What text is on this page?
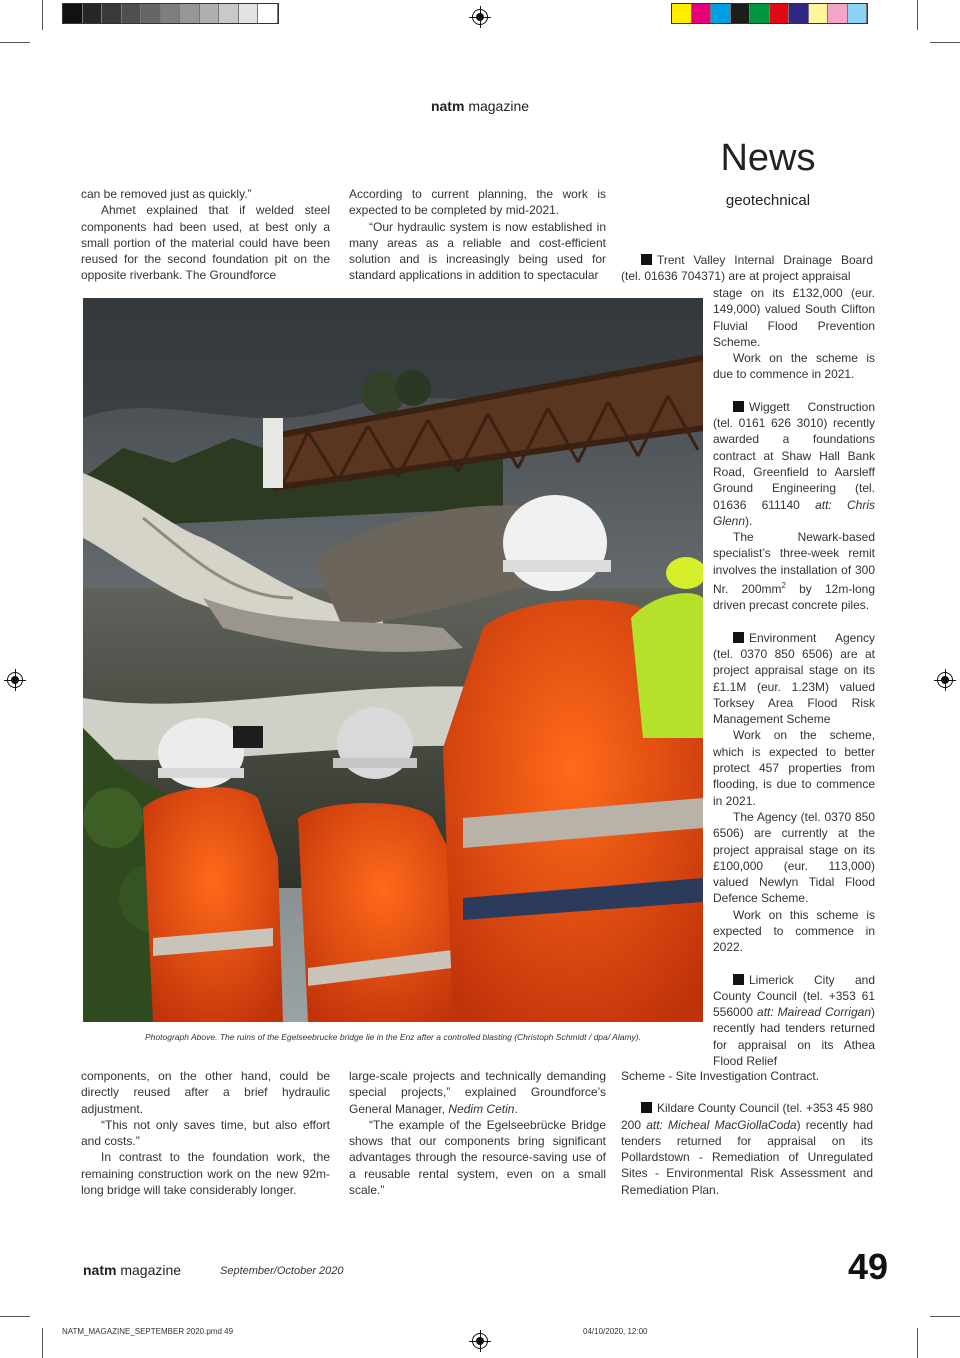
natm magazine
News
geotechnical

can be removed just as quickly.”

Ahmet explained that if welded steel components had been used, at best only a small portion of the material could have been reused for the second foundation pit on the opposite riverbank. The Groundforce

According to current planning, the work is expected to be completed by mid-2021.

“Our hydraulic system is now established in many areas as a reliable and cost-efficient solution and is increasingly being used for standard applications in addition to spectacular

Trent Valley Internal Drainage Board (tel. 01636 704371) are at project appraisal

stage on its £132,000 (eur. 149,000) valued South Clifton Fluvial Flood Prevention Scheme.

Work on the scheme is due to commence in 2021.

Wiggett Construction (tel. 0161 626 3010) recently awarded a foundations contract at Shaw Hall Bank Road, Greenfield to Aarsleff Ground Engineering (tel. 01636 611140 att: Chris Glenn).

The Newark-based specialist’s three-week remit involves the installation of 300 Nr. $200mm^2$ by 12m-long driven precast concrete piles.

Environment Agency (tel. 0370 850 6506) are at project appraisal stage on its £1.1M (eur. 1.23M) valued Torksey Area Flood Risk Management Scheme

Work on the scheme, which is expected to better protect 457 properties from flooding, is due to commence in 2021.

The Agency (tel. 0370 850 6506) are currently at the project appraisal stage on its £100,000 (eur. 113,000) valued Newlyn Tidal Flood Defence Scheme.

Work on this scheme is expected to commence in 2022.

Limerick City and County Council (tel. +353 61 556000 att: Mairead Corrigan) recently had tenders returned for appraisal on its Athea Flood Relief

Scheme - Site Investigation Contract.

Kildare County Council (tel. +353 45 980 200 att: Micheal MacGiollaCoda) recently had tenders returned for appraisal on its Pollardstown - Remediation of Unregulated Sites - Environmental Risk Assessment and Remediation Plan.

Photograph Above. The ruins of the Egelseebrucke bridge lie in the Enz after a controlled blasting (Christoph Schmidt / dpa/ Alamy).

components, on the other hand, could be directly reused after a brief hydraulic adjustment.

“This not only saves time, but also effort and costs.”

In contrast to the foundation work, the remaining construction work on the new 92m-long bridge will take considerably longer.

large-scale projects and technically demanding special projects,” explained Groundforce’s General Manager, Nedim Cetin.

“The example of the Egelseebrücke Bridge shows that our components bring significant advantages through the resource-saving use of a reusable rental system, even on a small scale.”

natm magazine	September/October 2020	49
NATM_MAGAZINE_SEPTEMBER 2020.pmd 49	04/10/2020, 12:00
